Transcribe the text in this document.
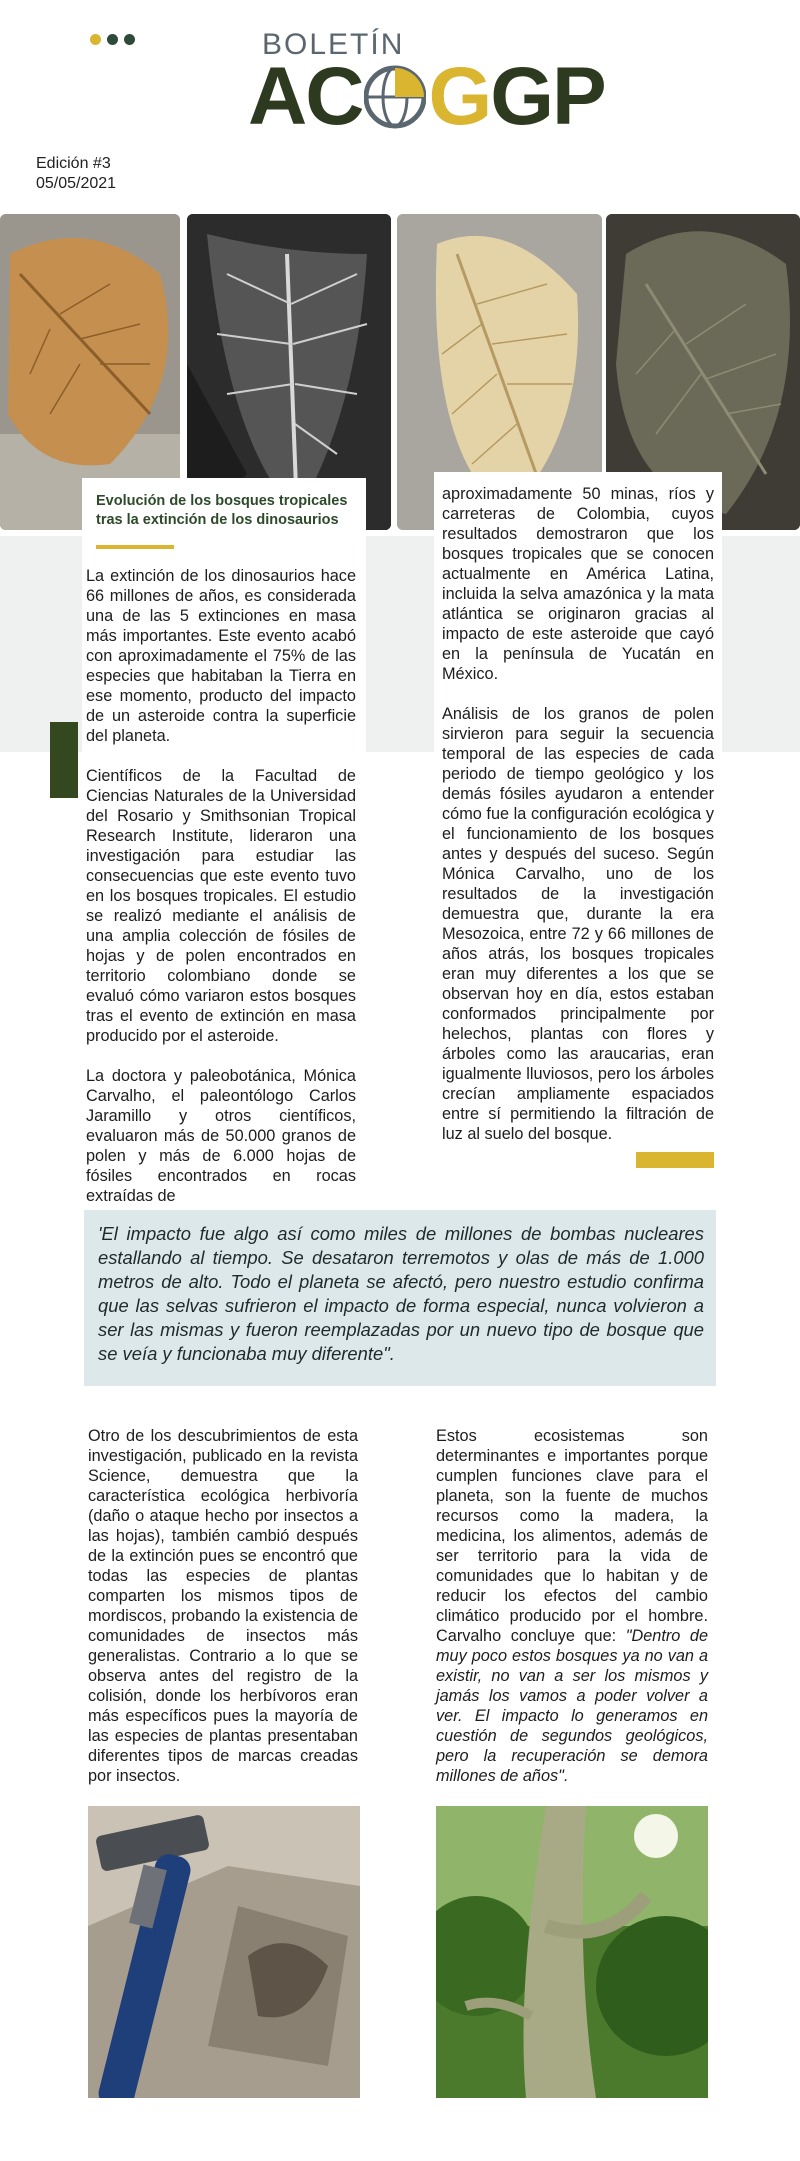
BOLETÍN
AC G GP
Edición #3
05/05/2021
Evolución de los bosques tropicales tras la extinción de los dinosaurios

La extinción de los dinosaurios hace 66 millones de años, es considerada una de las 5 extinciones en masa más importantes. Este evento acabó con aproximadamente el 75% de las especies que habitaban la Tierra en ese momento, producto del impacto de un asteroide contra la superficie del planeta.

Científicos de la Facultad de Ciencias Naturales de la Universidad del Rosario y Smithsonian Tropical Research Institute, lideraron una investigación para estudiar las consecuencias que este evento tuvo en los bosques tropicales. El estudio se realizó mediante el análisis de una amplia colección de fósiles de hojas y de polen encontrados en territorio colombiano donde se evaluó cómo variaron estos bosques tras el evento de extinción en masa producido por el asteroide.

La doctora y paleobotánica, Mónica Carvalho, el paleontólogo Carlos Jaramillo y otros científicos, evaluaron más de 50.000 granos de polen y más de 6.000 hojas de fósiles encontrados en rocas extraídas de

aproximadamente 50 minas, ríos y carreteras de Colombia, cuyos resultados demostraron que los bosques tropicales que se conocen actualmente en América Latina, incluida la selva amazónica y la mata atlántica se originaron gracias al impacto de este asteroide que cayó en la península de Yucatán en México.

Análisis de los granos de polen sirvieron para seguir la secuencia temporal de las especies de cada periodo de tiempo geológico y los demás fósiles ayudaron a entender cómo fue la configuración ecológica y el funcionamiento de los bosques antes y después del suceso. Según Mónica Carvalho, uno de los resultados de la investigación demuestra que, durante la era Mesozoica, entre 72 y 66 millones de años atrás, los bosques tropicales eran muy diferentes a los que se observan hoy en día, estos estaban conformados principalmente por helechos, plantas con flores y árboles como las araucarias, eran igualmente lluviosos, pero los árboles crecían ampliamente espaciados entre sí permitiendo la filtración de luz al suelo del bosque.

'El impacto fue algo así como miles de millones de bombas nucleares estallando al tiempo. Se desataron terremotos y olas de más de 1.000 metros de alto. Todo el planeta se afectó, pero nuestro estudio confirma que las selvas sufrieron el impacto de forma especial, nunca volvieron a ser las mismas y fueron reemplazadas por un nuevo tipo de bosque que se veía y funcionaba muy diferente".

Otro de los descubrimientos de esta investigación, publicado en la revista Science, demuestra que la característica ecológica herbivoría (daño o ataque hecho por insectos a las hojas), también cambió después de la extinción pues se encontró que todas las especies de plantas comparten los mismos tipos de mordiscos, probando la existencia de comunidades de insectos más generalistas. Contrario a lo que se observa antes del registro de la colisión, donde los herbívoros eran más específicos pues la mayoría de las especies de plantas presentaban diferentes tipos de marcas creadas por insectos.

Estos ecosistemas son determinantes e importantes porque cumplen funciones clave para el planeta, son la fuente de muchos recursos como la madera, la medicina, los alimentos, además de ser territorio para la vida de comunidades que lo habitan y de reducir los efectos del cambio climático producido por el hombre. Carvalho concluye que: "Dentro de muy poco estos bosques ya no van a existir, no van a ser los mismos y jamás los vamos a poder volver a ver. El impacto lo generamos en cuestión de segundos geológicos, pero la recuperación se demora millones de años".
